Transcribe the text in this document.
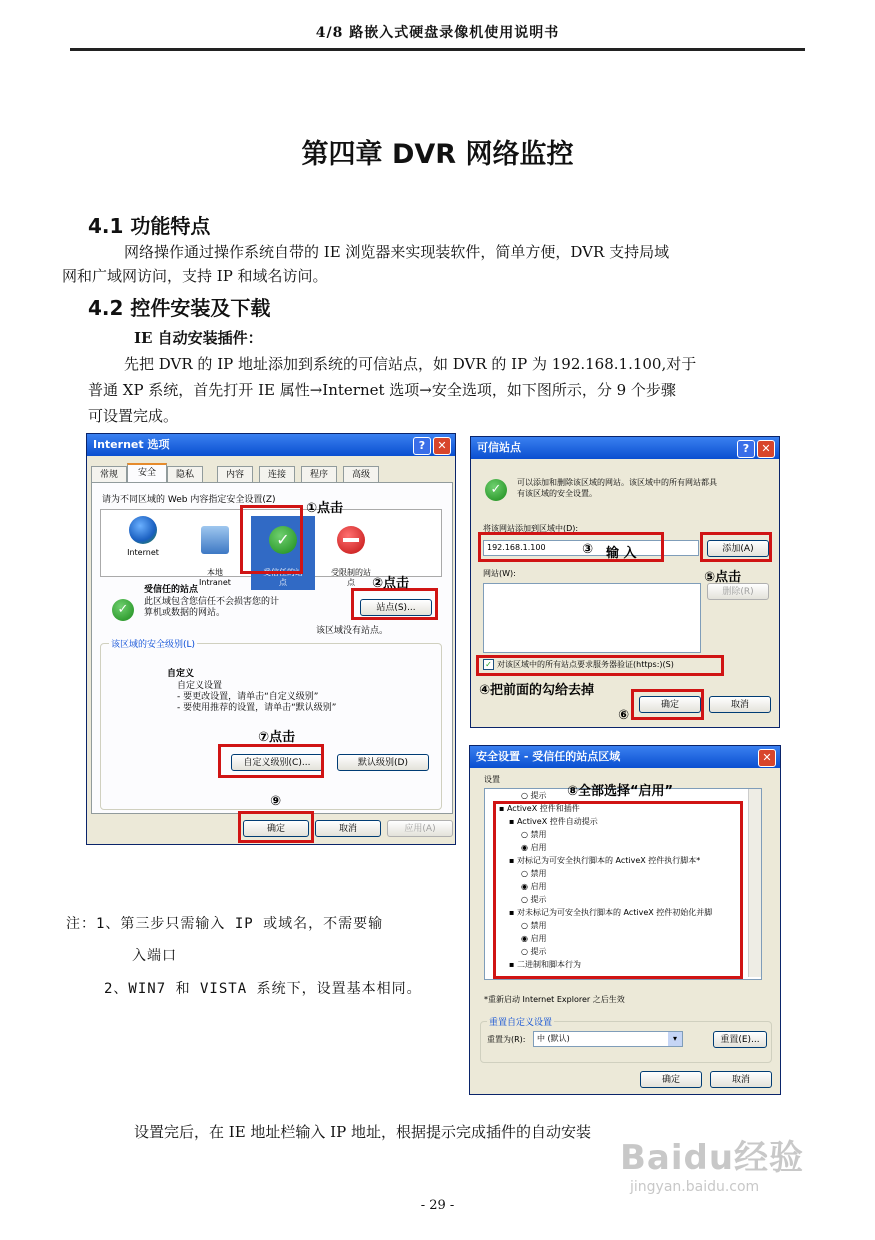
4/8 路嵌入式硬盘录像机使用说明书
第四章 DVR 网络监控
4.1 功能特点
网络操作通过操作系统自带的 IE 浏览器来实现装软件，简单方便，DVR 支持局域
网和广域网访问，支持 IP 和域名访问。
4.2 控件安装及下载
IE 自动安装插件：
先把 DVR 的 IP 地址添加到系统的可信站点，如 DVR 的 IP 为 192.168.1.100,对于
普通 XP 系统，首先打开 IE 属性→Internet 选项→安全选项，如下图所示，分 9 个步骤
可设置完成。
Internet 选项	?	✕
常规	安全	隐私	内容	连接	程序	高级
请为不同区域的 Web 内容指定安全设置(Z)
Internet

本地
Intranet

✓

受信任的站
点

受限制的站
点

✓
受信任的站点
此区域包含您信任不会损害您的计
算机或数据的网站。	站点(S)...
该区域没有站点。
该区域的安全级别(L)
自定义
自定义设置
- 要更改设置，请单击“自定义级别”
- 要使用推荐的设置，请单击“默认级别”
自定义级别(C)...	默认级别(D)
确定	取消	应用(A)
①点击
②点击
⑦点击
⑨
可信站点	?	✕
✓	可以添加和删除该区域的网站。该区域中的所有网站都具
有该区域的安全设置。
将该网站添加到区域中(D):
192.168.1.100	添加(A)
网站(W):
删除(R)
✓ 对该区域中的所有站点要求服务器验证(https:)(S)
确定	取消
③ 输 入
⑤点击
④把前面的勾给去掉
⑥
安全设置 - 受信任的站点区域	✕
设置
○ 提示
▪ ActiveX 控件和插件
▪ ActiveX 控件自动提示
○ 禁用
◉ 启用
▪ 对标记为可安全执行脚本的 ActiveX 控件执行脚本*
○ 禁用
◉ 启用
○ 提示
▪ 对未标记为可安全执行脚本的 ActiveX 控件初始化并脚
○ 禁用
◉ 启用
○ 提示
▪ 二进制和脚本行为
*重新启动 Internet Explorer 之后生效
重置自定义设置
重置为(R):	中 (默认)	▾	重置(E)...
确定	取消
⑧全部选择“启用”
注：1、第三步只需输入 IP 或域名，不需要输
入端口
2、WIN7 和 VISTA 系统下，设置基本相同。
设置完后，在 IE 地址栏输入 IP 地址，根据提示完成插件的自动安装
Baidu经验
jingyan.baidu.com
- 29 -
